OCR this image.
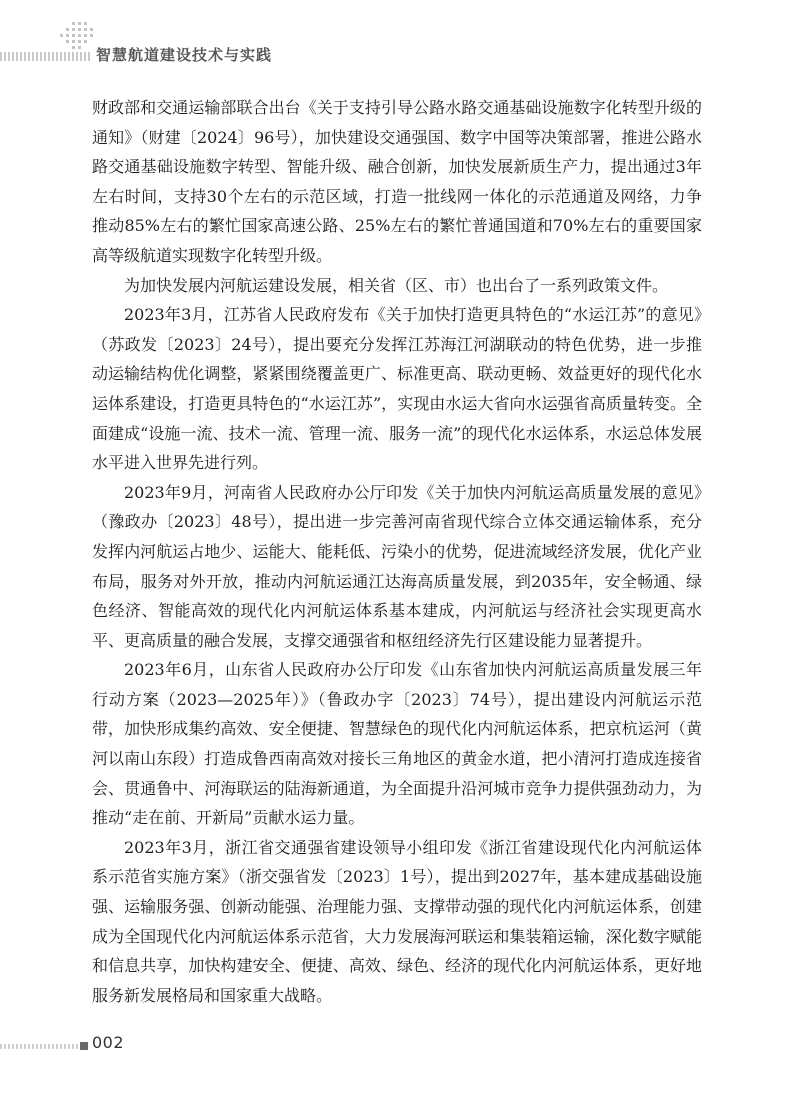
智慧航道建设技术与实践

财政部和交通运输部联合出台《关于支持引导公路水路交通基础设施数字化转型升级的通知》（财建〔2024〕96号），加快建设交通强国、数字中国等决策部署，推进公路水路交通基础设施数字转型、智能升级、融合创新，加快发展新质生产力，提出通过3年左右时间，支持30个左右的示范区域，打造一批线网一体化的示范通道及网络，力争推动85%左右的繁忙国家高速公路、25%左右的繁忙普通国道和70%左右的重要国家高等级航道实现数字化转型升级。

为加快发展内河航运建设发展，相关省（区、市）也出台了一系列政策文件。

2023年3月，江苏省人民政府发布《关于加快打造更具特色的“水运江苏”的意见》（苏政发〔2023〕24号），提出要充分发挥江苏海江河湖联动的特色优势，进一步推动运输结构优化调整，紧紧围绕覆盖更广、标准更高、联动更畅、效益更好的现代化水运体系建设，打造更具特色的“水运江苏”，实现由水运大省向水运强省高质量转变。全面建成“设施一流、技术一流、管理一流、服务一流”的现代化水运体系，水运总体发展水平进入世界先进行列。

2023年9月，河南省人民政府办公厅印发《关于加快内河航运高质量发展的意见》（豫政办〔2023〕48号），提出进一步完善河南省现代综合立体交通运输体系，充分发挥内河航运占地少、运能大、能耗低、污染小的优势，促进流域经济发展，优化产业布局，服务对外开放，推动内河航运通江达海高质量发展，到2035年，安全畅通、绿色经济、智能高效的现代化内河航运体系基本建成，内河航运与经济社会实现更高水平、更高质量的融合发展，支撑交通强省和枢纽经济先行区建设能力显著提升。

2023年6月，山东省人民政府办公厅印发《山东省加快内河航运高质量发展三年行动方案（2023—2025年）》（鲁政办字〔2023〕74号），提出建设内河航运示范带，加快形成集约高效、安全便捷、智慧绿色的现代化内河航运体系，把京杭运河（黄河以南山东段）打造成鲁西南高效对接长三角地区的黄金水道，把小清河打造成连接省会、贯通鲁中、河海联运的陆海新通道，为全面提升沿河城市竞争力提供强劲动力，为推动“走在前、开新局”贡献水运力量。

2023年3月，浙江省交通强省建设领导小组印发《浙江省建设现代化内河航运体系示范省实施方案》（浙交强省发〔2023〕1号），提出到2027年，基本建成基础设施强、运输服务强、创新动能强、治理能力强、支撑带动强的现代化内河航运体系，创建成为全国现代化内河航运体系示范省，大力发展海河联运和集装箱运输，深化数字赋能和信息共享，加快构建安全、便捷、高效、绿色、经济的现代化内河航运体系，更好地服务新发展格局和国家重大战略。

002
